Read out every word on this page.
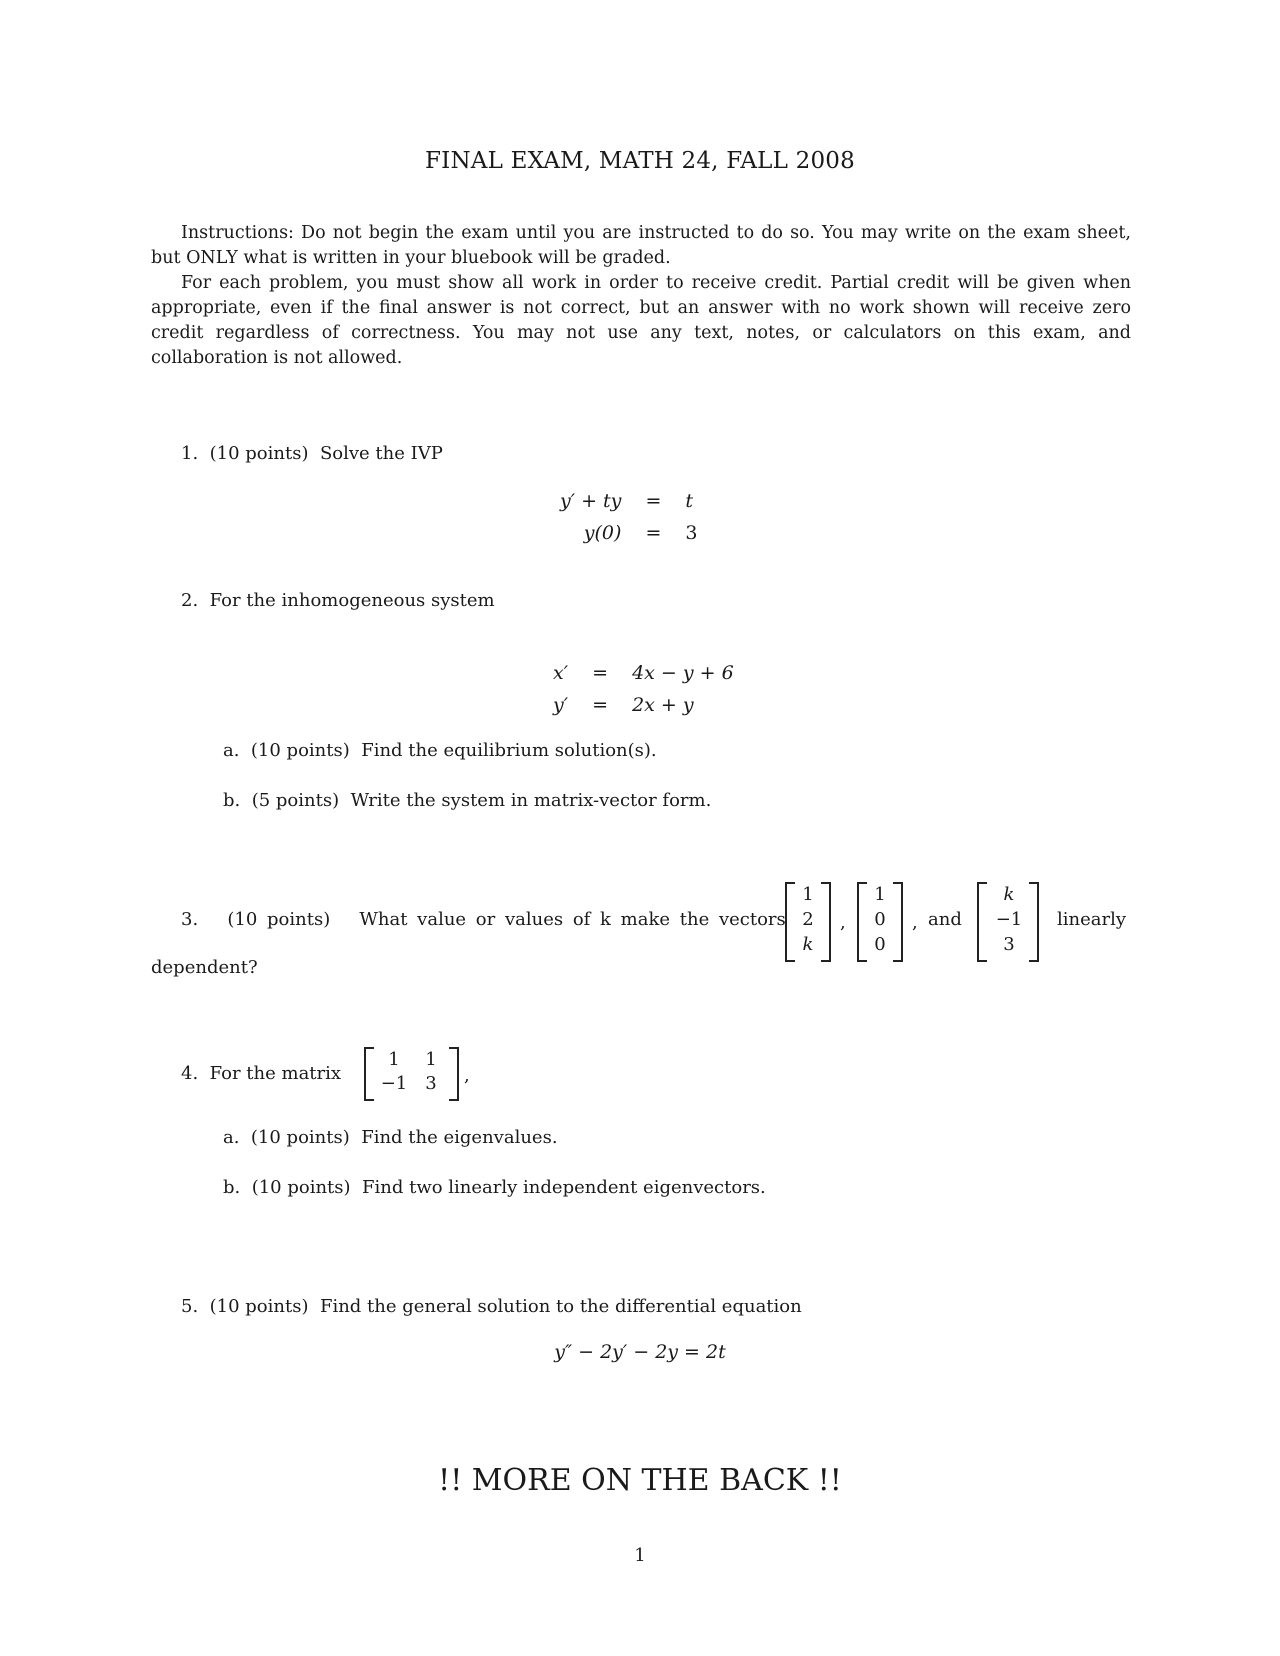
FINAL EXAM, MATH 24, FALL 2008
Instructions: Do not begin the exam until you are instructed to do so. You may write on the exam sheet, but ONLY what is written in your bluebook will be graded.
For each problem, you must show all work in order to receive credit. Partial credit will be given when appropriate, even if the final answer is not correct, but an answer with no work shown will receive zero credit regardless of correctness. You may not use any text, notes, or calculators on this exam, and collaboration is not allowed.
1. (10 points) Solve the IVP
y′ + ty	=	t
y(0)	=	3
2. For the inhomogeneous system
x′	=	4x − y + 6
y′	=	2x + y
a. (10 points) Find the equilibrium solution(s).
b. (5 points) Write the system in matrix-vector form.
3. (10 points) What value or values of k make the vectors
1
2
k
,
1
0
0
, and
k
−1
3
linearly
dependent?
4. For the matrix
1	1
−1	3	,
a. (10 points) Find the eigenvalues.
b. (10 points) Find two linearly independent eigenvectors.
5. (10 points) Find the general solution to the differential equation
y″ − 2y′ − 2y = 2t
!! MORE ON THE BACK !!
1
